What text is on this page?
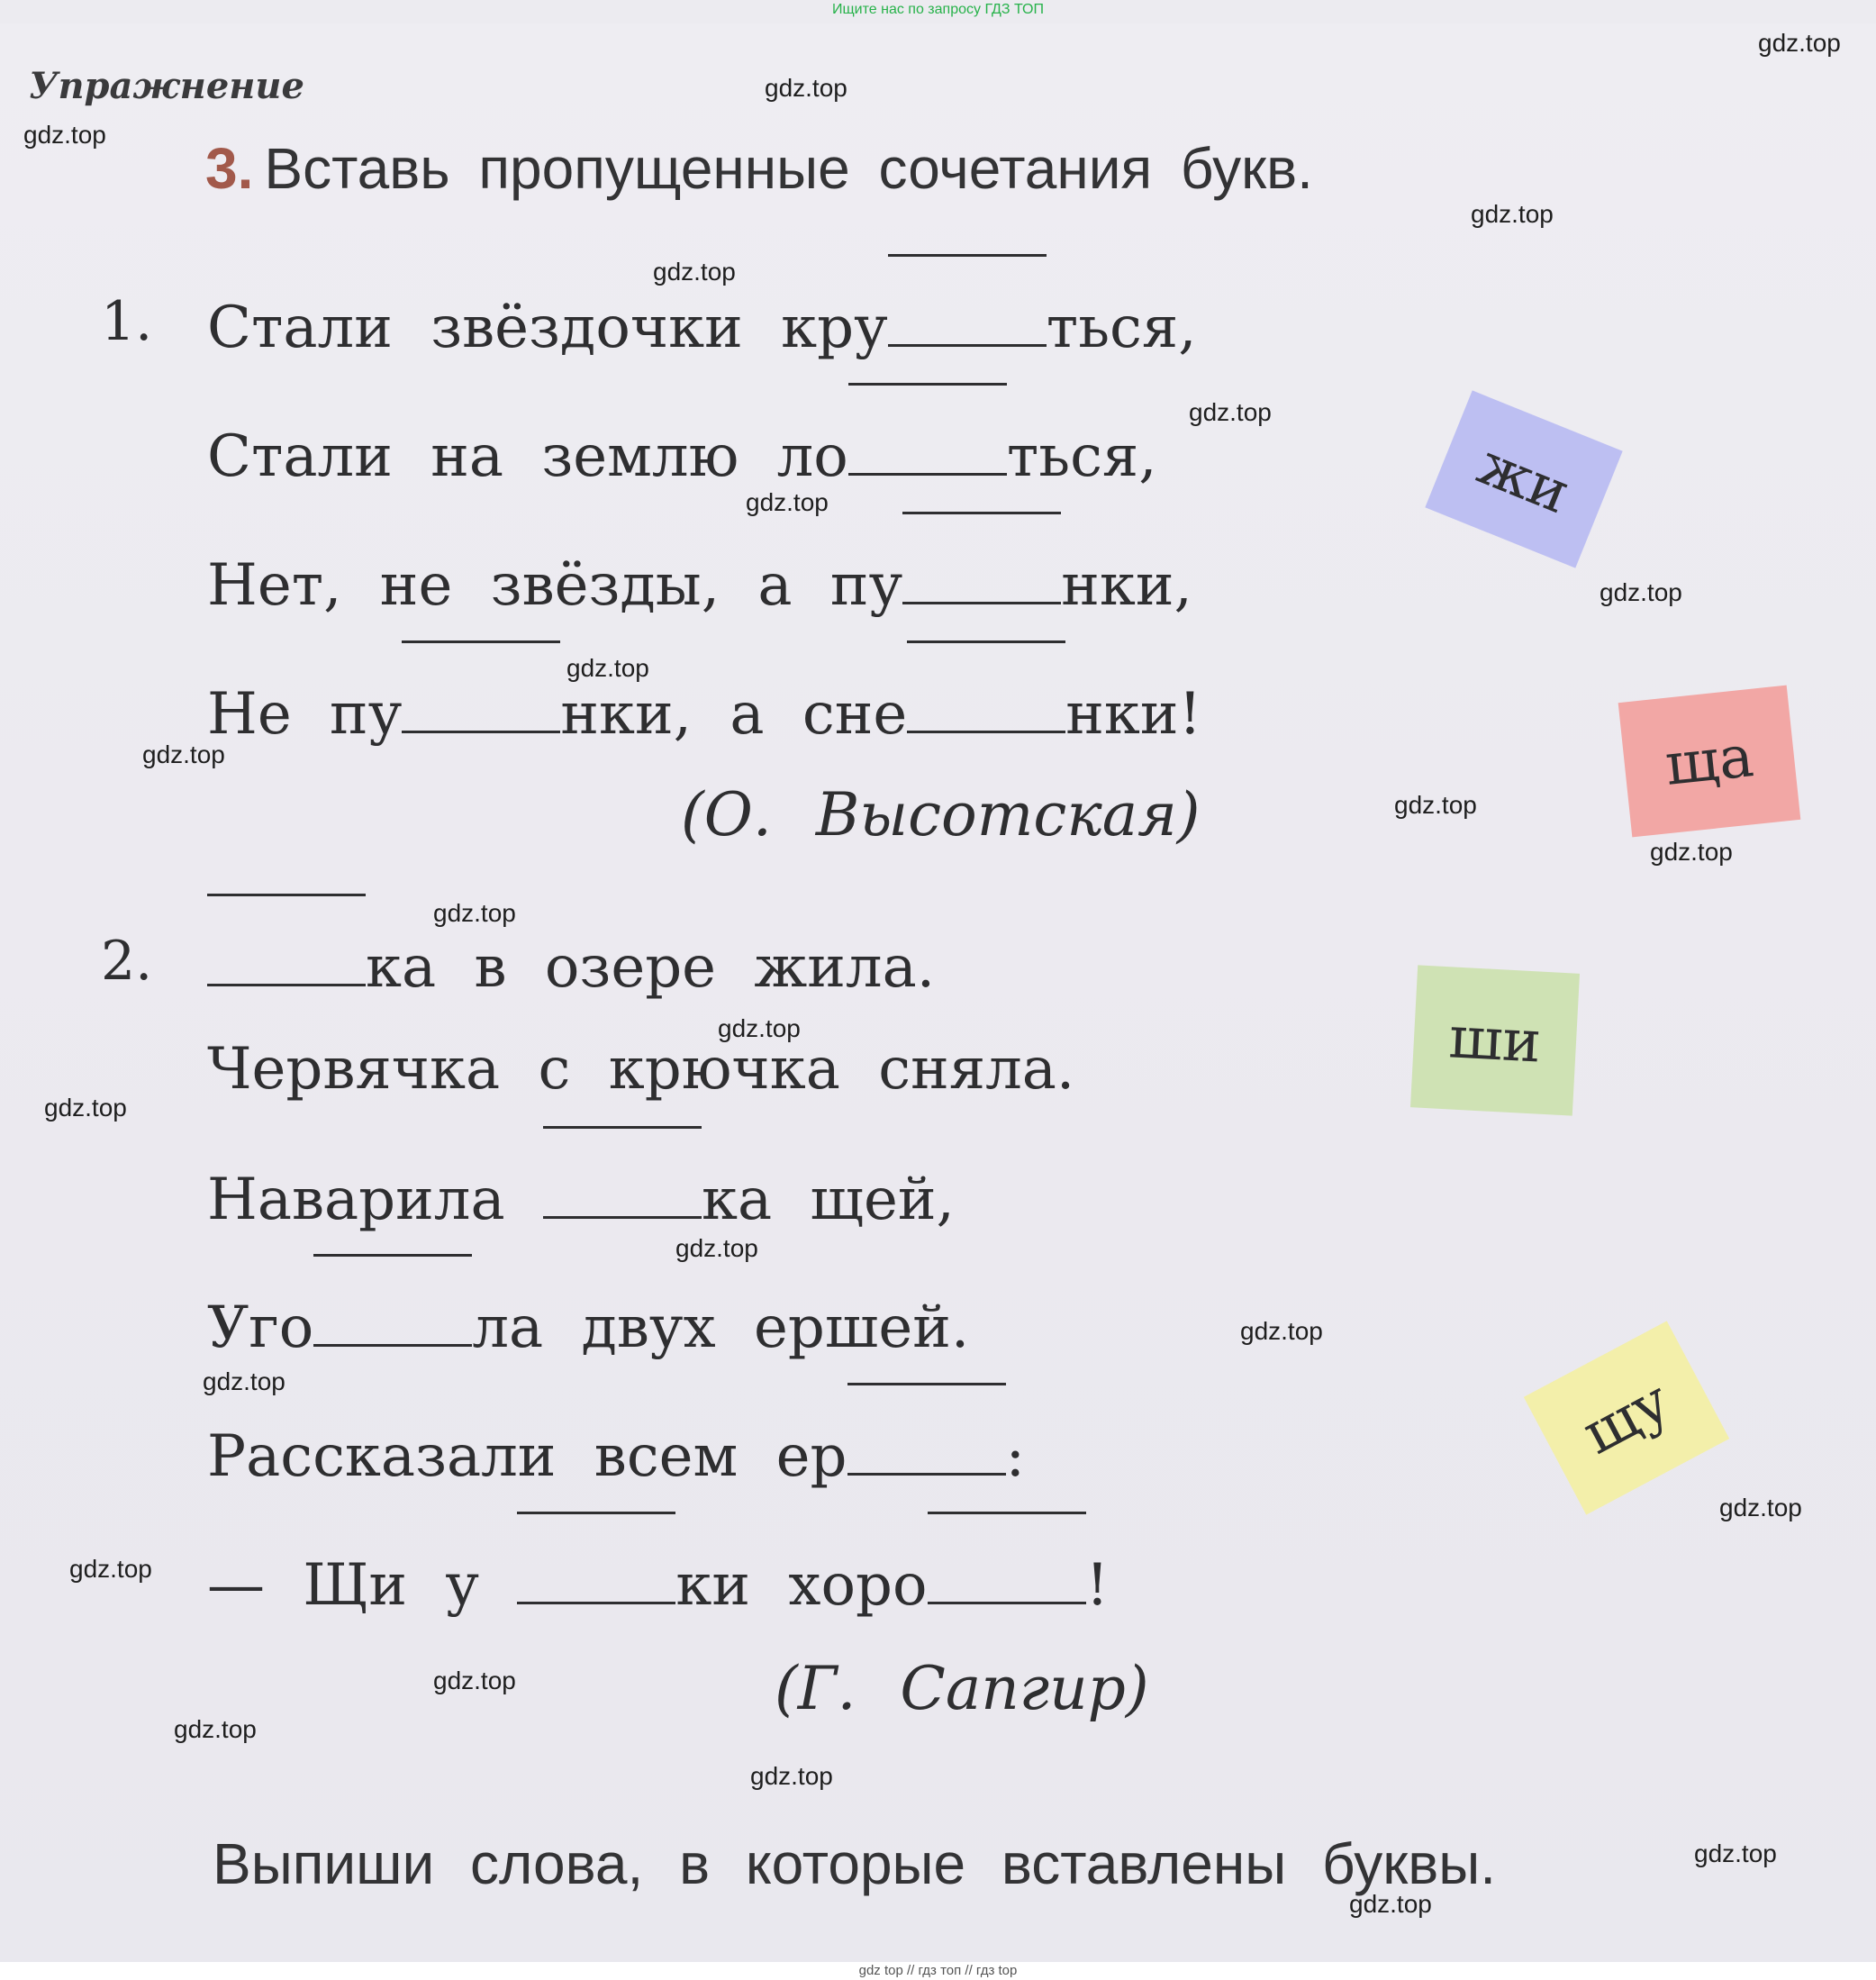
Ищите нас по запросу ГДЗ ТОП
Упражнение
3. Вставь пропущенные сочетания букв.
1. Стали звёздочки кру	ться,
Стали на землю ло	ться,
Нет, не звёзды, а пу	нки,
Не пу	нки, а сне	нки!
(О. Высотская)
2.	ка в озере жила.
Червячка с крючка сняла.
Наварила	ка щей,
Уго	ла двух ершей.
Рассказали всем ер	:
— Щи у	ки хоро	!
(Г. Сапгир)
Выпиши слова, в которые вставлены буквы.
жи
ща
ши
щу
gdz.top
gdz.top
gdz.top
gdz.top
gdz.top
gdz.top
gdz.top
gdz.top
gdz.top
gdz.top
gdz.top
gdz.top
gdz.top
gdz.top
gdz.top
gdz.top
gdz.top
gdz.top
gdz.top
gdz.top
gdz.top
gdz.top
gdz.top
gdz.top
gdz.top
gdz top // гдз топ // гдз top
